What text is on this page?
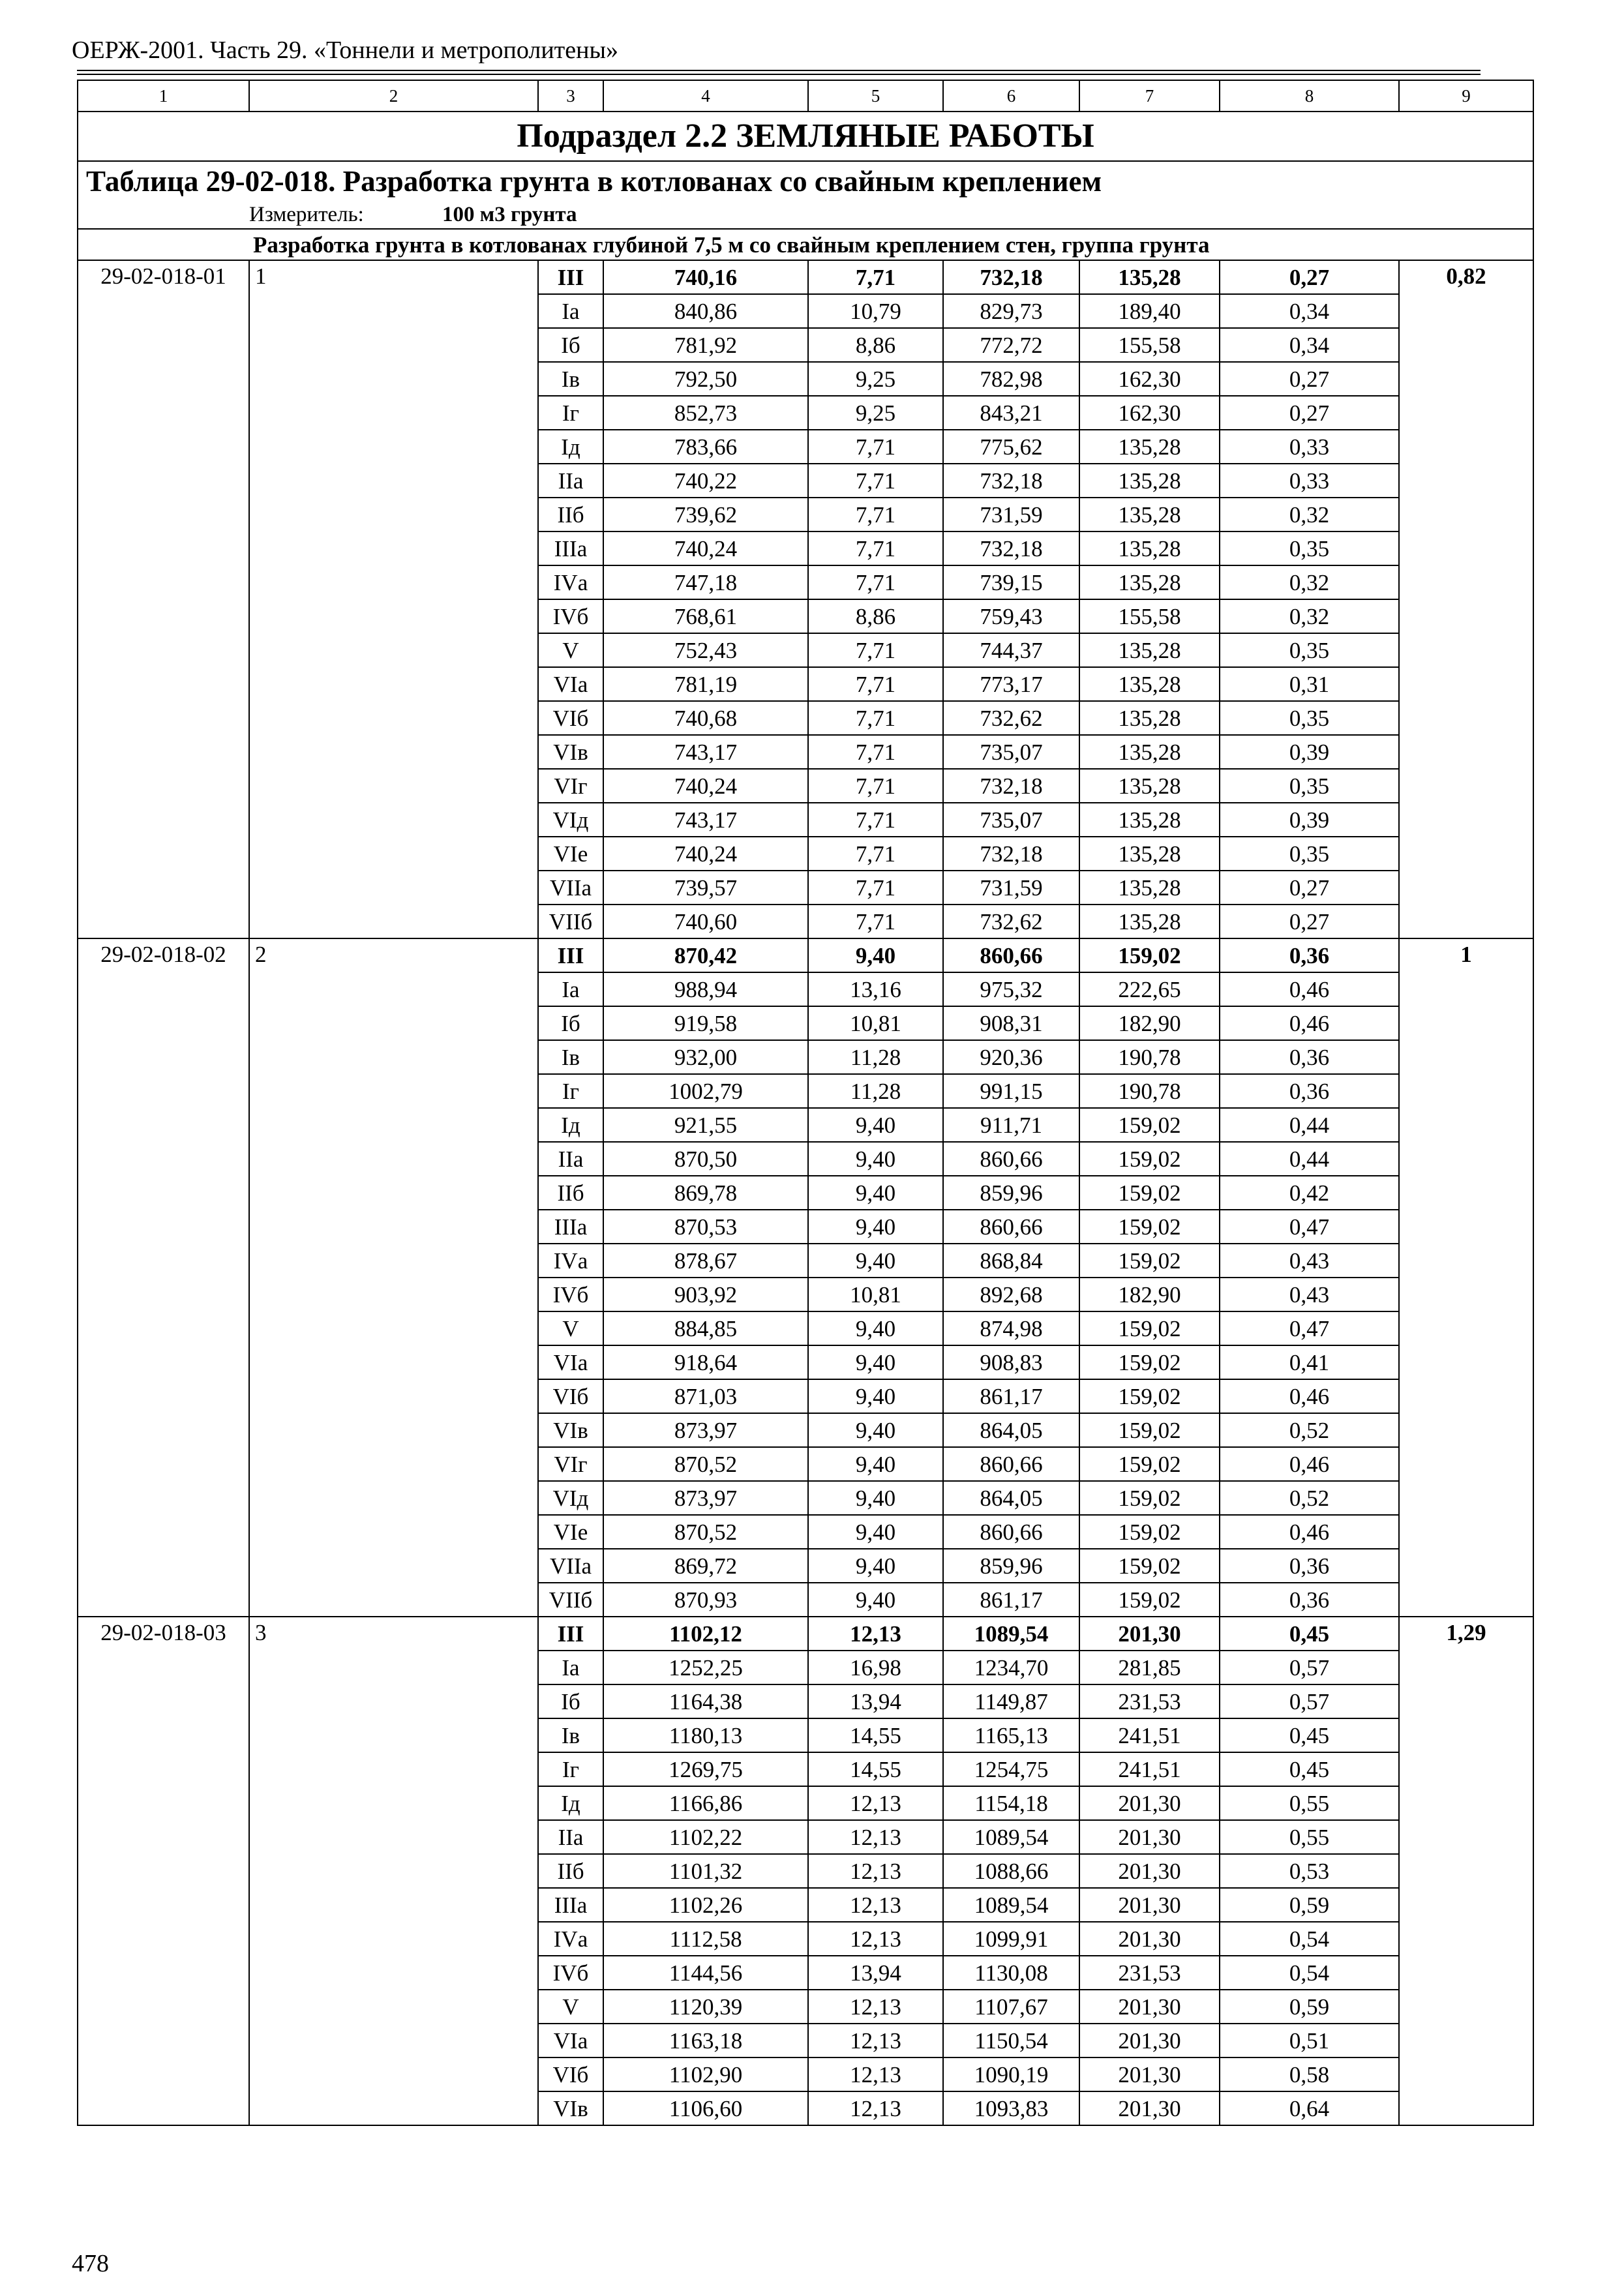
ОЕРЖ-2001. Часть 29. «Тоннели и метрополитены»
1	2	3	4	5	6	7	8	9
Подраздел 2.2 ЗЕМЛЯНЫЕ РАБОТЫ								
Таблица 29-02-018. Разработка грунта в котлованах со свайным креплением								
Измеритель: 100 м3 грунта								
Разработка грунта в котлованах глубиной 7,5 м со свайным креплением стен, группа грунта								
29-02-018-01	1	III	740,16	7,71	732,18	135,28	0,27	0,82
		Iа	840,86	10,79	829,73	189,40	0,34	
		Iб	781,92	8,86	772,72	155,58	0,34	
		Iв	792,50	9,25	782,98	162,30	0,27	
		Iг	852,73	9,25	843,21	162,30	0,27	
		Iд	783,66	7,71	775,62	135,28	0,33	
		IIа	740,22	7,71	732,18	135,28	0,33	
		IIб	739,62	7,71	731,59	135,28	0,32	
		IIIа	740,24	7,71	732,18	135,28	0,35	
		IVа	747,18	7,71	739,15	135,28	0,32	
		IVб	768,61	8,86	759,43	155,58	0,32	
		V	752,43	7,71	744,37	135,28	0,35	
		VIа	781,19	7,71	773,17	135,28	0,31	
		VIб	740,68	7,71	732,62	135,28	0,35	
		VIв	743,17	7,71	735,07	135,28	0,39	
		VIг	740,24	7,71	732,18	135,28	0,35	
		VIд	743,17	7,71	735,07	135,28	0,39	
		VIе	740,24	7,71	732,18	135,28	0,35	
		VIIа	739,57	7,71	731,59	135,28	0,27	
		VIIб	740,60	7,71	732,62	135,28	0,27	
29-02-018-02	2	III	870,42	9,40	860,66	159,02	0,36	1
		Iа	988,94	13,16	975,32	222,65	0,46	
		Iб	919,58	10,81	908,31	182,90	0,46	
		Iв	932,00	11,28	920,36	190,78	0,36	
		Iг	1002,79	11,28	991,15	190,78	0,36	
		Iд	921,55	9,40	911,71	159,02	0,44	
		IIа	870,50	9,40	860,66	159,02	0,44	
		IIб	869,78	9,40	859,96	159,02	0,42	
		IIIа	870,53	9,40	860,66	159,02	0,47	
		IVа	878,67	9,40	868,84	159,02	0,43	
		IVб	903,92	10,81	892,68	182,90	0,43	
		V	884,85	9,40	874,98	159,02	0,47	
		VIа	918,64	9,40	908,83	159,02	0,41	
		VIб	871,03	9,40	861,17	159,02	0,46	
		VIв	873,97	9,40	864,05	159,02	0,52	
		VIг	870,52	9,40	860,66	159,02	0,46	
		VIд	873,97	9,40	864,05	159,02	0,52	
		VIе	870,52	9,40	860,66	159,02	0,46	
		VIIа	869,72	9,40	859,96	159,02	0,36	
		VIIб	870,93	9,40	861,17	159,02	0,36	
29-02-018-03	3	III	1102,12	12,13	1089,54	201,30	0,45	1,29
		Iа	1252,25	16,98	1234,70	281,85	0,57	
		Iб	1164,38	13,94	1149,87	231,53	0,57	
		Iв	1180,13	14,55	1165,13	241,51	0,45	
		Iг	1269,75	14,55	1254,75	241,51	0,45	
		Iд	1166,86	12,13	1154,18	201,30	0,55	
		IIа	1102,22	12,13	1089,54	201,30	0,55	
		IIб	1101,32	12,13	1088,66	201,30	0,53	
		IIIа	1102,26	12,13	1089,54	201,30	0,59	
		IVа	1112,58	12,13	1099,91	201,30	0,54	
		IVб	1144,56	13,94	1130,08	231,53	0,54	
		V	1120,39	12,13	1107,67	201,30	0,59	
		VIа	1163,18	12,13	1150,54	201,30	0,51	
		VIб	1102,90	12,13	1090,19	201,30	0,58	
		VIв	1106,60	12,13	1093,83	201,30	0,64	
478
